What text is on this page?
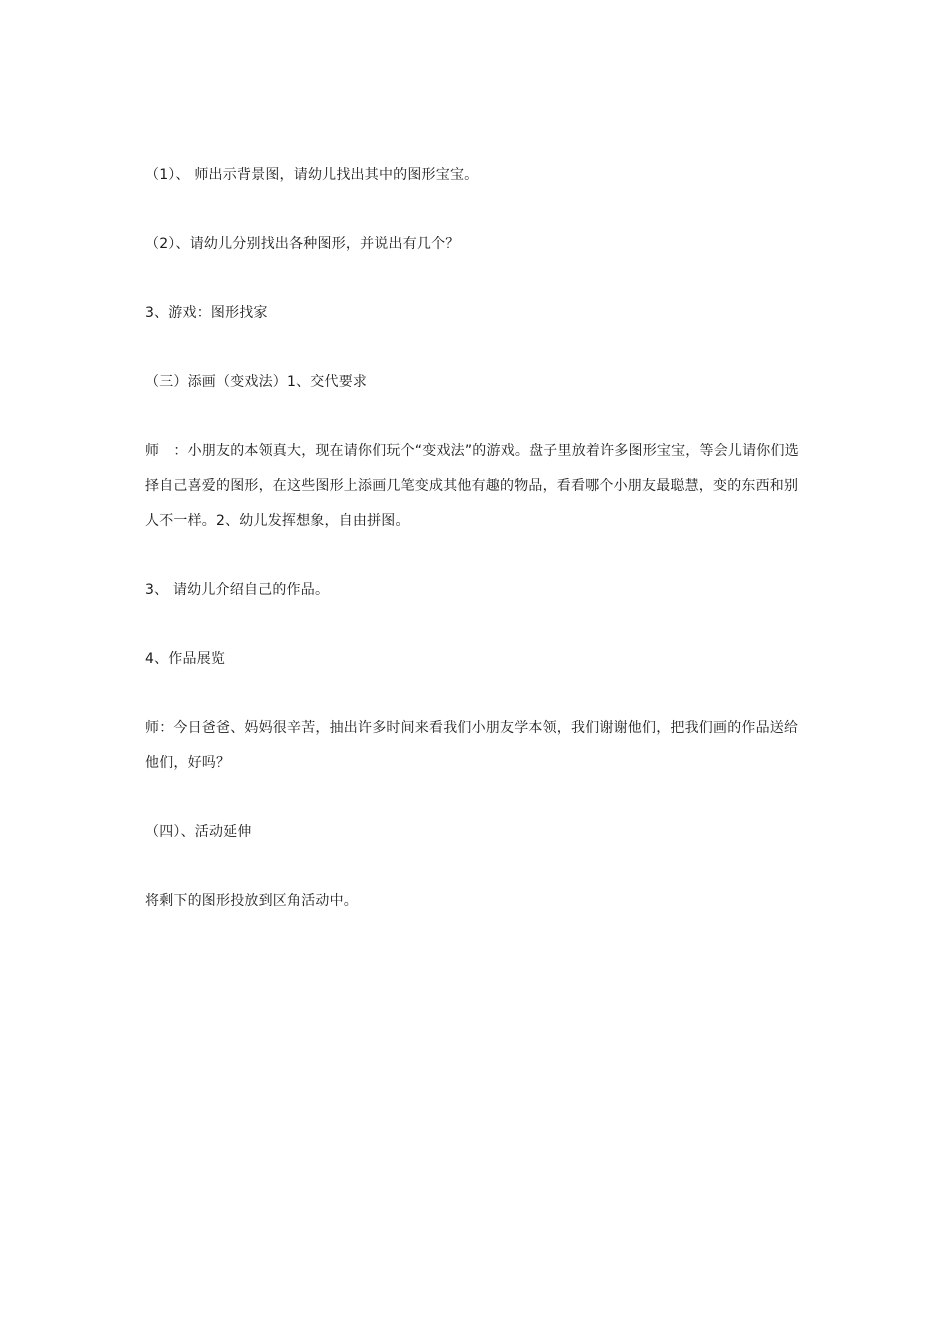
（1）、 师出示背景图，请幼儿找出其中的图形宝宝。

（2）、请幼儿分别找出各种图形，并说出有几个？

3、游戏：图形找家

（三）添画（变戏法）1、交代要求

师　：小朋友的本领真大，现在请你们玩个“变戏法”的游戏。盘子里放着许多图形宝宝，等会儿请你们选择自己喜爱的图形，在这些图形上添画几笔变成其他有趣的物品，看看哪个小朋友最聪慧，变的东西和别人不一样。2、幼儿发挥想象，自由拼图。

3、 请幼儿介绍自己的作品。

4、作品展览

师：今日爸爸、妈妈很辛苦，抽出许多时间来看我们小朋友学本领，我们谢谢他们，把我们画的作品送给他们，好吗？

（四）、活动延伸

将剩下的图形投放到区角活动中。
